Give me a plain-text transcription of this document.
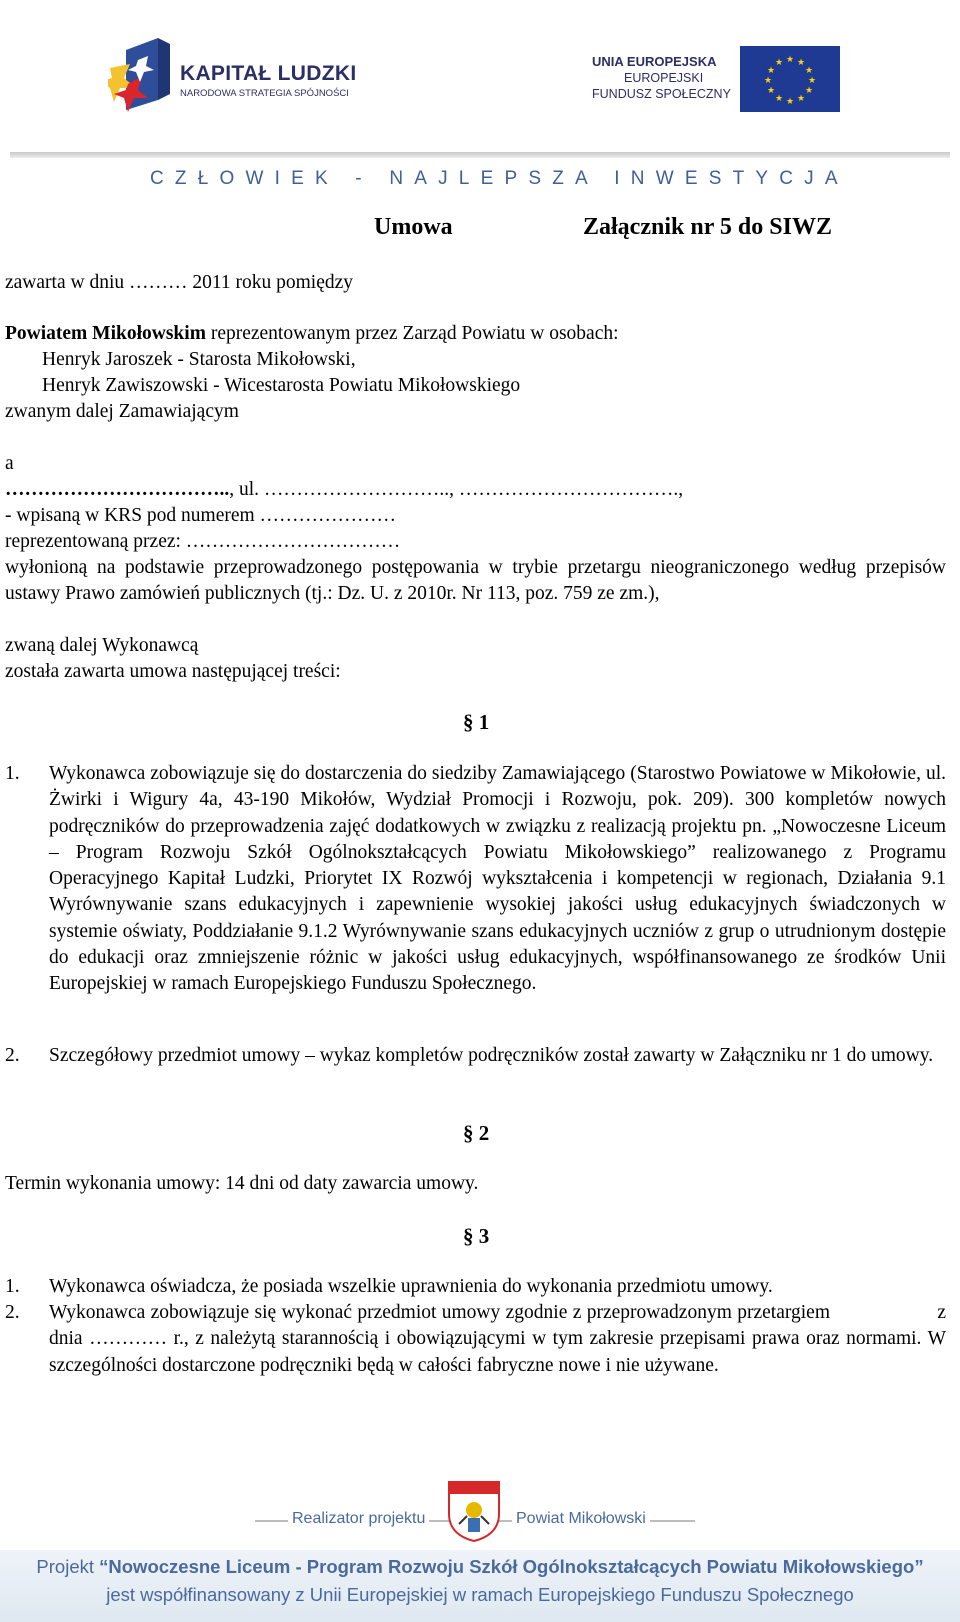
KAPITAŁ LUDZKI
NARODOWA STRATEGIA SPÓJNOŚCI
UNIA EUROPEJSKA
EUROPEJSKI
FUNDUSZ SPOŁECZNY
★ ★
★
★
★
★
★
★
★
★
★
★
CZŁOWIEK - NAJLEPSZA INWESTYCJA
Umowa	Załącznik nr 5 do SIWZ
zawarta w dniu ……… 2011 roku pomiędzy
Powiatem Mikołowskim reprezentowanym przez Zarząd Powiatu w osobach:
Henryk Jaroszek - Starosta Mikołowski,
Henryk Zawiszowski - Wicestarosta Powiatu Mikołowskiego
zwanym dalej Zamawiającym
a
…………………………….., ul. ……………………….., …………………………….,
- wpisaną w KRS pod numerem …………………
reprezentowaną przez: ……………………………
wyłonioną na podstawie przeprowadzonego postępowania w trybie przetargu nieograniczonego według przepisów ustawy Prawo zamówień publicznych (tj.: Dz. U. z 2010r. Nr 113, poz. 759 ze zm.),
zwaną dalej Wykonawcą
została zawarta umowa następującej treści:
§ 1
1. Wykonawca zobowiązuje się do dostarczenia do siedziby Zamawiającego (Starostwo Powiatowe w Mikołowie, ul. Żwirki i Wigury 4a, 43-190 Mikołów, Wydział Promocji i Rozwoju, pok. 209). 300 kompletów nowych podręczników do przeprowadzenia zajęć dodatkowych w związku z realizacją projektu pn. „Nowoczesne Liceum – Program Rozwoju Szkół Ogólnokształcących Powiatu Mikołowskiego” realizowanego z Programu Operacyjnego Kapitał Ludzki, Priorytet IX Rozwój wykształcenia i kompetencji w regionach, Działania 9.1 Wyrównywanie szans edukacyjnych i zapewnienie wysokiej jakości usług edukacyjnych świadczonych w systemie oświaty, Poddziałanie 9.1.2 Wyrównywanie szans edukacyjnych uczniów z grup o utrudnionym dostępie do edukacji oraz zmniejszenie różnic w jakości usług edukacyjnych, współfinansowanego ze środków Unii Europejskiej w ramach Europejskiego Funduszu Społecznego.
2. Szczegółowy przedmiot umowy – wykaz kompletów podręczników został zawarty w Załączniku nr 1 do umowy.
§ 2
Termin wykonania umowy: 14 dni od daty zawarcia umowy.
§ 3
1. Wykonawca oświadcza, że posiada wszelkie uprawnienia do wykonania przedmiotu umowy.
2. Wykonawca zobowiązuje się wykonać przedmiot umowy zgodnie z przeprowadzonym przetargiem                    z dnia ………… r., z należytą starannością i obowiązującymi w tym zakresie przepisami prawa oraz normami. W szczególności dostarczone podręczniki będą w całości fabryczne nowe i nie używane.
Realizator projektu	Powiat Mikołowski
Projekt “Nowoczesne Liceum - Program Rozwoju Szkół Ogólnokształcących Powiatu Mikołowskiego”
jest współfinansowany z Unii Europejskiej w ramach Europejskiego Funduszu Społecznego
